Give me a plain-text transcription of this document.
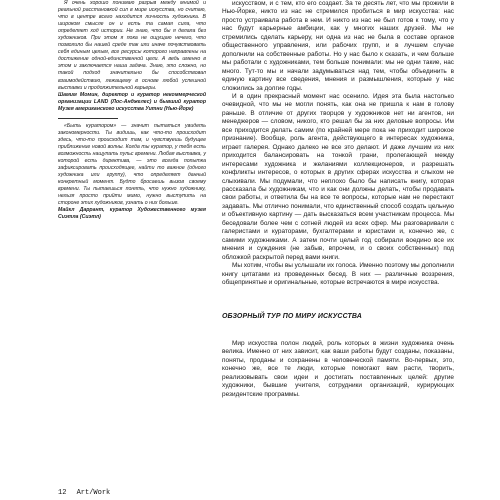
Я очень хорошо понимаю разрыв между мнимой и реальной расстановкой сил в мире искусства, но считаю, что в центре всего находится личность художника. В широком смысле он и есть та самая сила, что определяет ход истории. Не знаю, что бы я делала без художников. При этом я пока не ощущаю нечего, что позволило бы нашей среде так или иначе почувствовать себя единым целым, все ресурсы которого направлены на достижение одной-единственной цели. А ведь именно в этом и заключается наша задача. Знаю, это сложно, но такой подход значительно бы способствовал взаимодействию, лежащему в основе любой успешной выставки и продолжительной карьеры.

Шамим Момин, директор и куратор некоммерческой организации LAND (Лос-Анджелес) и бывший куратор Музея американского искусства Уитни (Нью-Йорк)

«Быть куратором» — значит пытаться увидеть закономерности. Ты видишь, как что-то происходит здесь, что-то происходит там, и чувствуешь будущее приближение новой волны. Когда ты куратор, у тебя есть возможность нащупать пульс времени. Любая выставка, у которой есть директива, — это всегда попытка зафиксировать происходящее, найти то важное (одного художника или группу), что определяет данный конкретный момент. Будто бросаешь вызов своему времени. Ты пытаешься понять, что нужно художнику, нельзя просто прийти мимо, нужно выступить на стороне этих художников, узнать о них больше.

Майкл Даррант, куратор Художественного музея Сиэтла (Сиэтл)

искусством, и с тем, кто его создает. За те десять лет, что мы прожили в Нью-Йорке, никто из нас не стремился пробиться в мир искусства: нас просто устраивала работа в нем. И никто из нас не был готов к тому, что у нас будут карьерные амбиции, как у многих наших друзей. Мы не стремились сделать карьеру, ни одна из нас не была в составе органов общественного управления, или рабочих групп, и в лучшем случае дополнили на собственные работы. Но у нас было к сказать, и чем больше мы работали с художниками, тем больше понимали: мы не одни такие, нас много. Тут-то мы и начали задумываться над тем, чтобы объединить в единую картину все сведения, мнения и размышления, которые у нас сложились за долгие годы.

И в один прекрасный момент нас осенило. Идея эта была настолько очевидной, что мы не могли понять, как она не пришла к нам в голову раньше. В отличие от других творцов у художников нет ни агентов, ни менеджеров — словом, никого, кто решал бы за них деловые вопросы. Им все приходится делать самим (по крайней мере пока не приходит широкое признание). Вообще, роль агента, действующего в интересах художника, играет галерея. Однако далеко не все это делают. И даже лучшим из них приходится балансировать на тонкой грани, пролегающей между интересами художника и желаниями коллекционеров, и разрешать конфликты интересов, о которых в других сферах искусства и слыхом не слыхивали. Мы подумали, что неплохо было бы написать книгу, которая рассказала бы художникам, что и как они должны делать, чтобы продавать свои работы, и ответила бы на все те вопросы, которые нам не перестают задавать. Мы отлично понимали, что единственный способ создать цельную и объективную картину — дать высказаться всем участникам процесса. Мы беседовали более чем с сотней людей из всех сфер. Мы разговаривали с галеристами и кураторами, бухгалтерами и юристами и, конечно же, с самими художниками. А затем почти целый год собирали воедино все их мнения и суждения (не забыв, впрочем, и о своих собственных) под обложкой раскрытой перед вами книги.

Мы хотим, чтобы вы услышали их голоса. Именно поэтому мы дополнили книгу цитатами из проведенных бесед. В них — различные воззрения, общепринятые и оригинальные, которые встречаются в мире искусства.

ОБЗОРНЫЙ ТУР ПО МИРУ ИСКУССТВА

Мир искусства полон людей, роль которых в жизни художника очень велика. Именно от них зависит, как ваши работы будут созданы, показаны, поняты, проданы и сохранены в человеческой памяти. Во-первых, это, конечно же, все те люди, которые помогают вам расти, творить, реализовывать свои идеи и достигать поставленных целей: другие художники, бывшие учителя, сотрудники организаций, курирующих резидентские программы.

12 Art/Work
